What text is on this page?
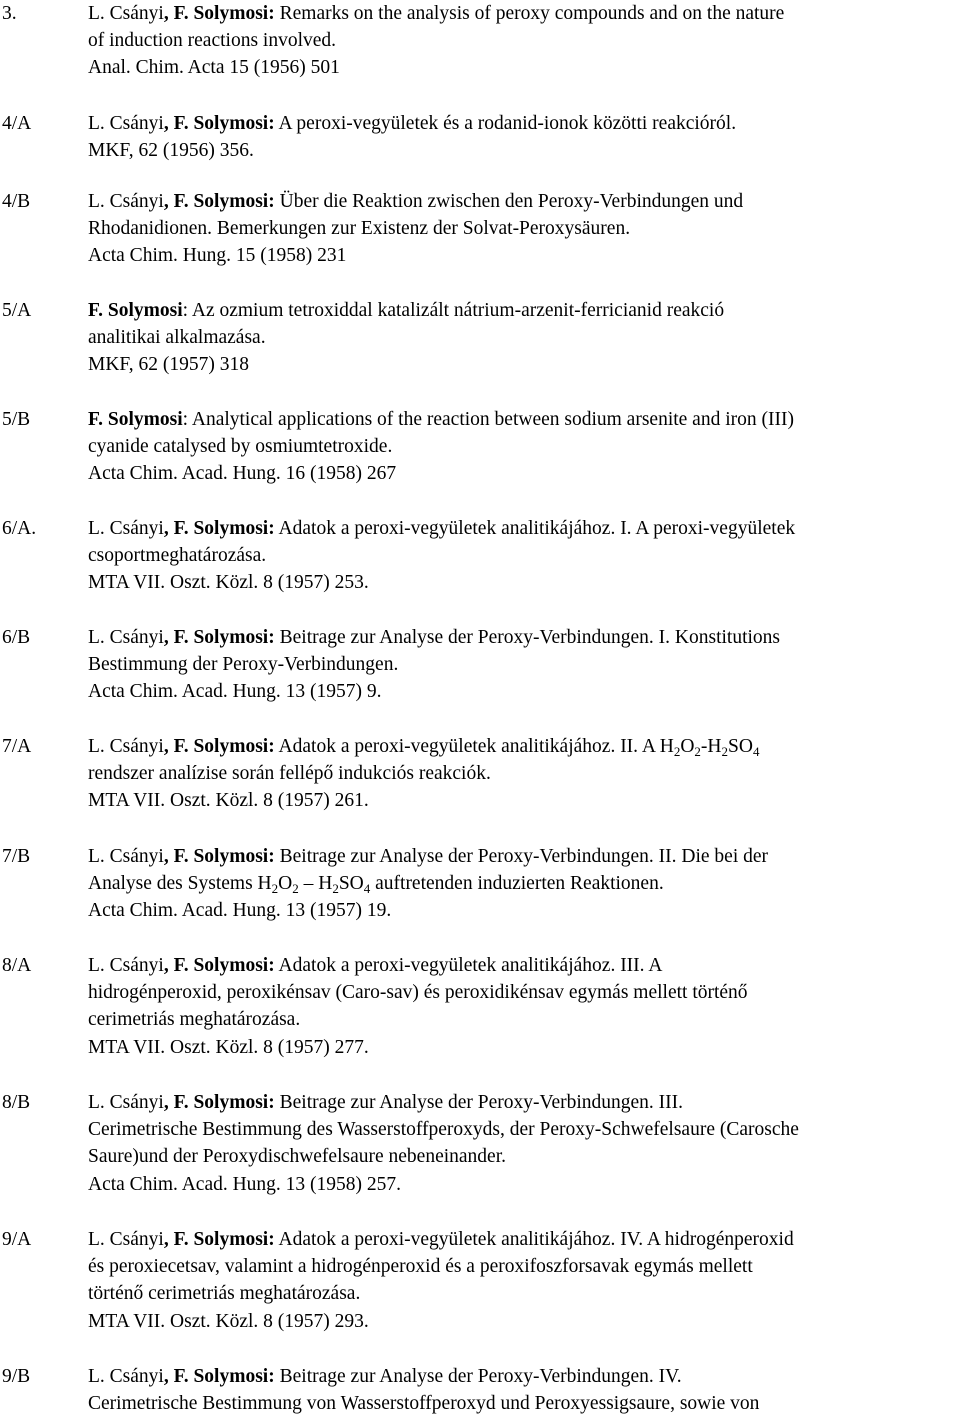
3.	L. Csányi, F. Solymosi: Remarks on the analysis of peroxy compounds and on the nature
of induction reactions involved.
Anal. Chim. Acta 15 (1956) 501
4/A	L. Csányi, F. Solymosi: A peroxi-vegyületek és a rodanid-ionok közötti reakcióról.
MKF, 62 (1956) 356.
4/B	L. Csányi, F. Solymosi: Über die Reaktion zwischen den Peroxy-Verbindungen und
Rhodanidionen. Bemerkungen zur Existenz der Solvat-Peroxysäuren.
Acta Chim. Hung. 15 (1958) 231
5/A	F. Solymosi: Az ozmium tetroxiddal katalizált nátrium-arzenit-ferricianid reakció
analitikai alkalmazása.
MKF, 62 (1957) 318
5/B	F. Solymosi: Analytical applications of the reaction between sodium arsenite and iron (III)
cyanide catalysed by osmiumtetroxide.
Acta Chim. Acad. Hung. 16 (1958) 267
6/A.	L. Csányi, F. Solymosi: Adatok a peroxi-vegyületek analitikájához. I. A peroxi-vegyületek
csoportmeghatározása.
MTA VII. Oszt. Közl. 8 (1957) 253.
6/B	L. Csányi, F. Solymosi: Beitrage zur Analyse der Peroxy-Verbindungen. I. Konstitutions
Bestimmung der Peroxy-Verbindungen.
Acta Chim. Acad. Hung. 13 (1957) 9.
7/A	L. Csányi, F. Solymosi: Adatok a peroxi-vegyületek analitikájához. II. A $H_2O_2-H_2SO_4$
rendszer analízise során fellépő indukciós reakciók.
MTA VII. Oszt. Közl. 8 (1957) 261.
7/B	L. Csányi, F. Solymosi: Beitrage zur Analyse der Peroxy-Verbindungen. II. Die bei der
Analyse des Systems $H_2O_2 - H_2SO_4$ auftretenden induzierten Reaktionen.
Acta Chim. Acad. Hung. 13 (1957) 19.
8/A	L. Csányi, F. Solymosi: Adatok a peroxi-vegyületek analitikájához. III. A
hidrogénperoxid, peroxikénsav (Caro-sav) és peroxidikénsav egymás mellett történő
cerimetriás meghatározása.
MTA VII. Oszt. Közl. 8 (1957) 277.
8/B	L. Csányi, F. Solymosi: Beitrage zur Analyse der Peroxy-Verbindungen. III.
Cerimetrische Bestimmung des Wasserstoffperoxyds, der Peroxy-Schwefelsaure (Carosche
Saure)und der Peroxydischwefelsaure nebeneinander.
Acta Chim. Acad. Hung. 13 (1958) 257.
9/A	L. Csányi, F. Solymosi: Adatok a peroxi-vegyületek analitikájához. IV. A hidrogénperoxid
és peroxiecetsav, valamint a hidrogénperoxid és a peroxifoszforsavak egymás mellett
történő cerimetriás meghatározása.
MTA VII. Oszt. Közl. 8 (1957) 293.
9/B	L. Csányi, F. Solymosi: Beitrage zur Analyse der Peroxy-Verbindungen. IV.
Cerimetrische Bestimmung von Wasserstoffperoxyd und Peroxyessigsaure, sowie von
